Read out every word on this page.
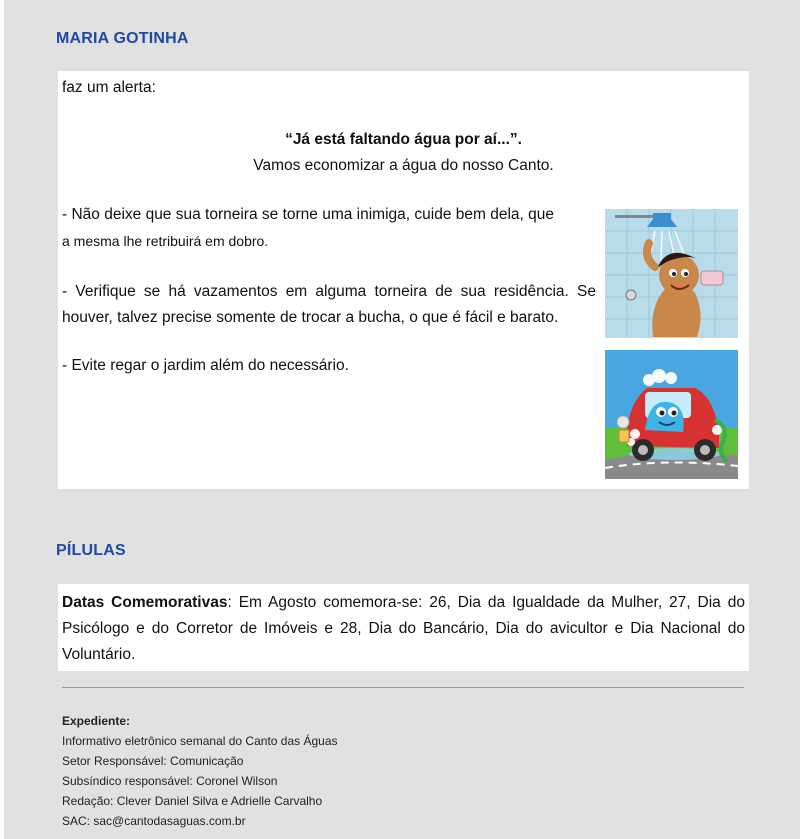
MARIA GOTINHA

faz um alerta:

“Já está faltando água por aí...”.
Vamos economizar a água do nosso Canto.

- Não deixe que sua torneira se torne uma inimiga, cuide bem dela, que
a mesma lhe retribuirá em dobro.

- Verifique se há vazamentos em alguma torneira de sua residência. Se houver, talvez precise somente de trocar a bucha, o que é fácil e barato.

- Evite regar o jardim além do necessário.

PÍLULAS

Datas Comemorativas: Em Agosto comemora-se: 26, Dia da Igualdade da Mulher, 27, Dia do Psicólogo e do Corretor de Imóveis e 28, Dia do Bancário, Dia do avicultor e Dia Nacional do Voluntário.

Expediente:
Informativo eletrônico semanal do Canto das Águas
Setor Responsável: Comunicação
Subsíndico responsável: Coronel Wilson
Redação: Clever Daniel Silva e Adrielle Carvalho
SAC: sac@cantodasaguas.com.br
